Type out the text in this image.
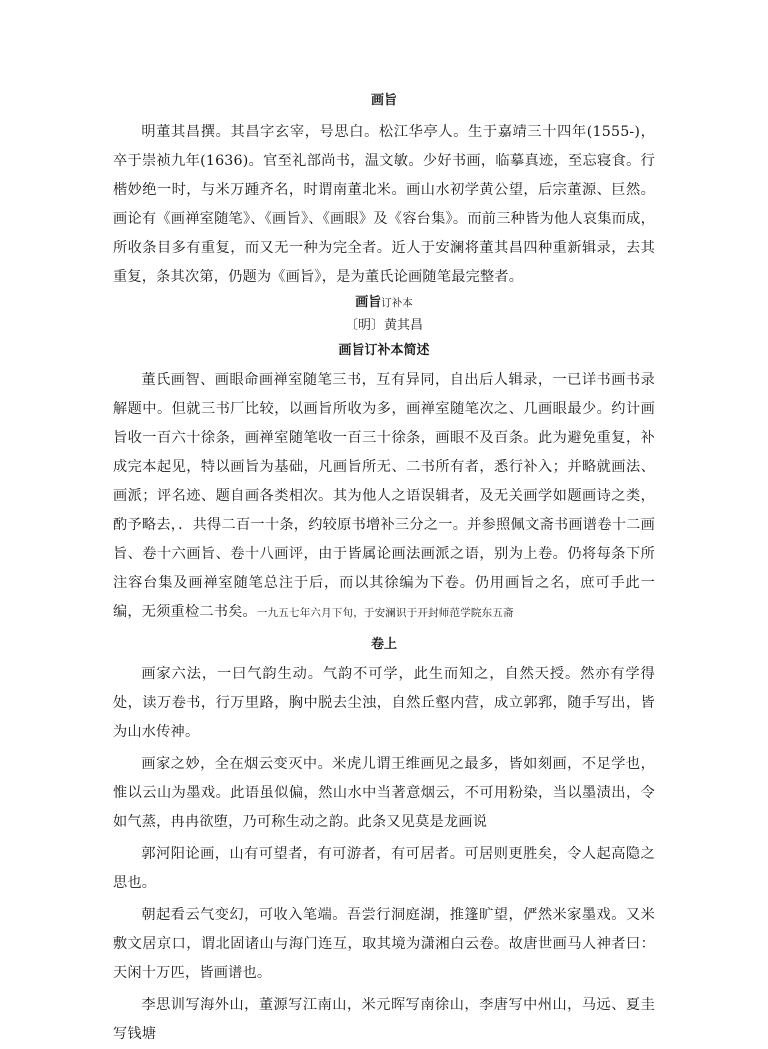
画旨

明董其昌撰。其昌字玄宰，号思白。松江华亭人。生于嘉靖三十四年(1555-)，卒于崇祯九年(1636)。官至礼部尚书，温文敏。少好书画，临摹真迹，至忘寝食。行楷妙绝一时，与米万踵齐名，时谓南董北米。画山水初学黄公望，后宗董源、巨然。画论有《画禅室随笔》、《画旨》、《画眼》及《容台集》。而前三种皆为他人哀集而成，所收条目多有重复，而又无一种为完全者。近人于安澜将董其昌四种重新辑录，去其重复，条其次第，仍题为《画旨》，是为董氏论画随笔最完整者。

画旨订补本

〔明〕黄其昌

画旨订补本简述

董氏画智、画眼命画禅室随笔三书，互有异同，自出后人辑录，一已详书画书录解题中。但就三书厂比较，以画旨所收为多，画禅室随笔次之、几画眼最少。约计画旨收一百六十徐条，画禅室随笔收一百三十徐条，画眼不及百条。此为避免重复，补成完本起见，特以画旨为基础，凡画旨所无、二书所有者，悉行补入；并略就画法、画派；评名迹、题自画各类相次。其为他人之语误辑者，及无关画学如题画诗之类，酌予略去，．共得二百一十条，约较原书增补三分之一。并参照佩文斋书画谱卷十二画旨、卷十六画旨、卷十八画评，由于皆属论画法画派之语，别为上卷。仍将每条下所注容台集及画禅室随笔总注于后，而以其徐编为下卷。仍用画旨之名，庶可手此一编，无须重检二书矣。一九五七年六月下旬，于安澜识于开封师范学院东五斋

卷上

画家六法，一曰气韵生动。气韵不可学，此生而知之，自然天授。然亦有学得处，读万卷书，行万里路，胸中脱去尘浊，自然丘壑内营，成立郭郛，随手写出，皆为山水传神。

画家之妙，全在烟云变灭中。米虎儿谓王维画见之最多，皆如刻画，不足学也，惟以云山为墨戏。此语虽似偏，然山水中当著意烟云，不可用粉染，当以墨渍出，令如气蒸，冉冉欲堕，乃可称生动之韵。此条又见莫是龙画说

郭河阳论画，山有可望者，有可游者，有可居者。可居则更胜矣，令人起高隐之思也。

朝起看云气变幻，可收入笔端。吾尝行洞庭湖，推篷旷望，俨然米家墨戏。又米敷文居京口，谓北固诸山与海门连互，取其境为潇湘白云卷。故唐世画马人神者曰：天闲十万匹，皆画谱也。

李思训写海外山，董源写江南山，米元晖写南徐山，李唐写中州山，马远、夏圭写钱塘
